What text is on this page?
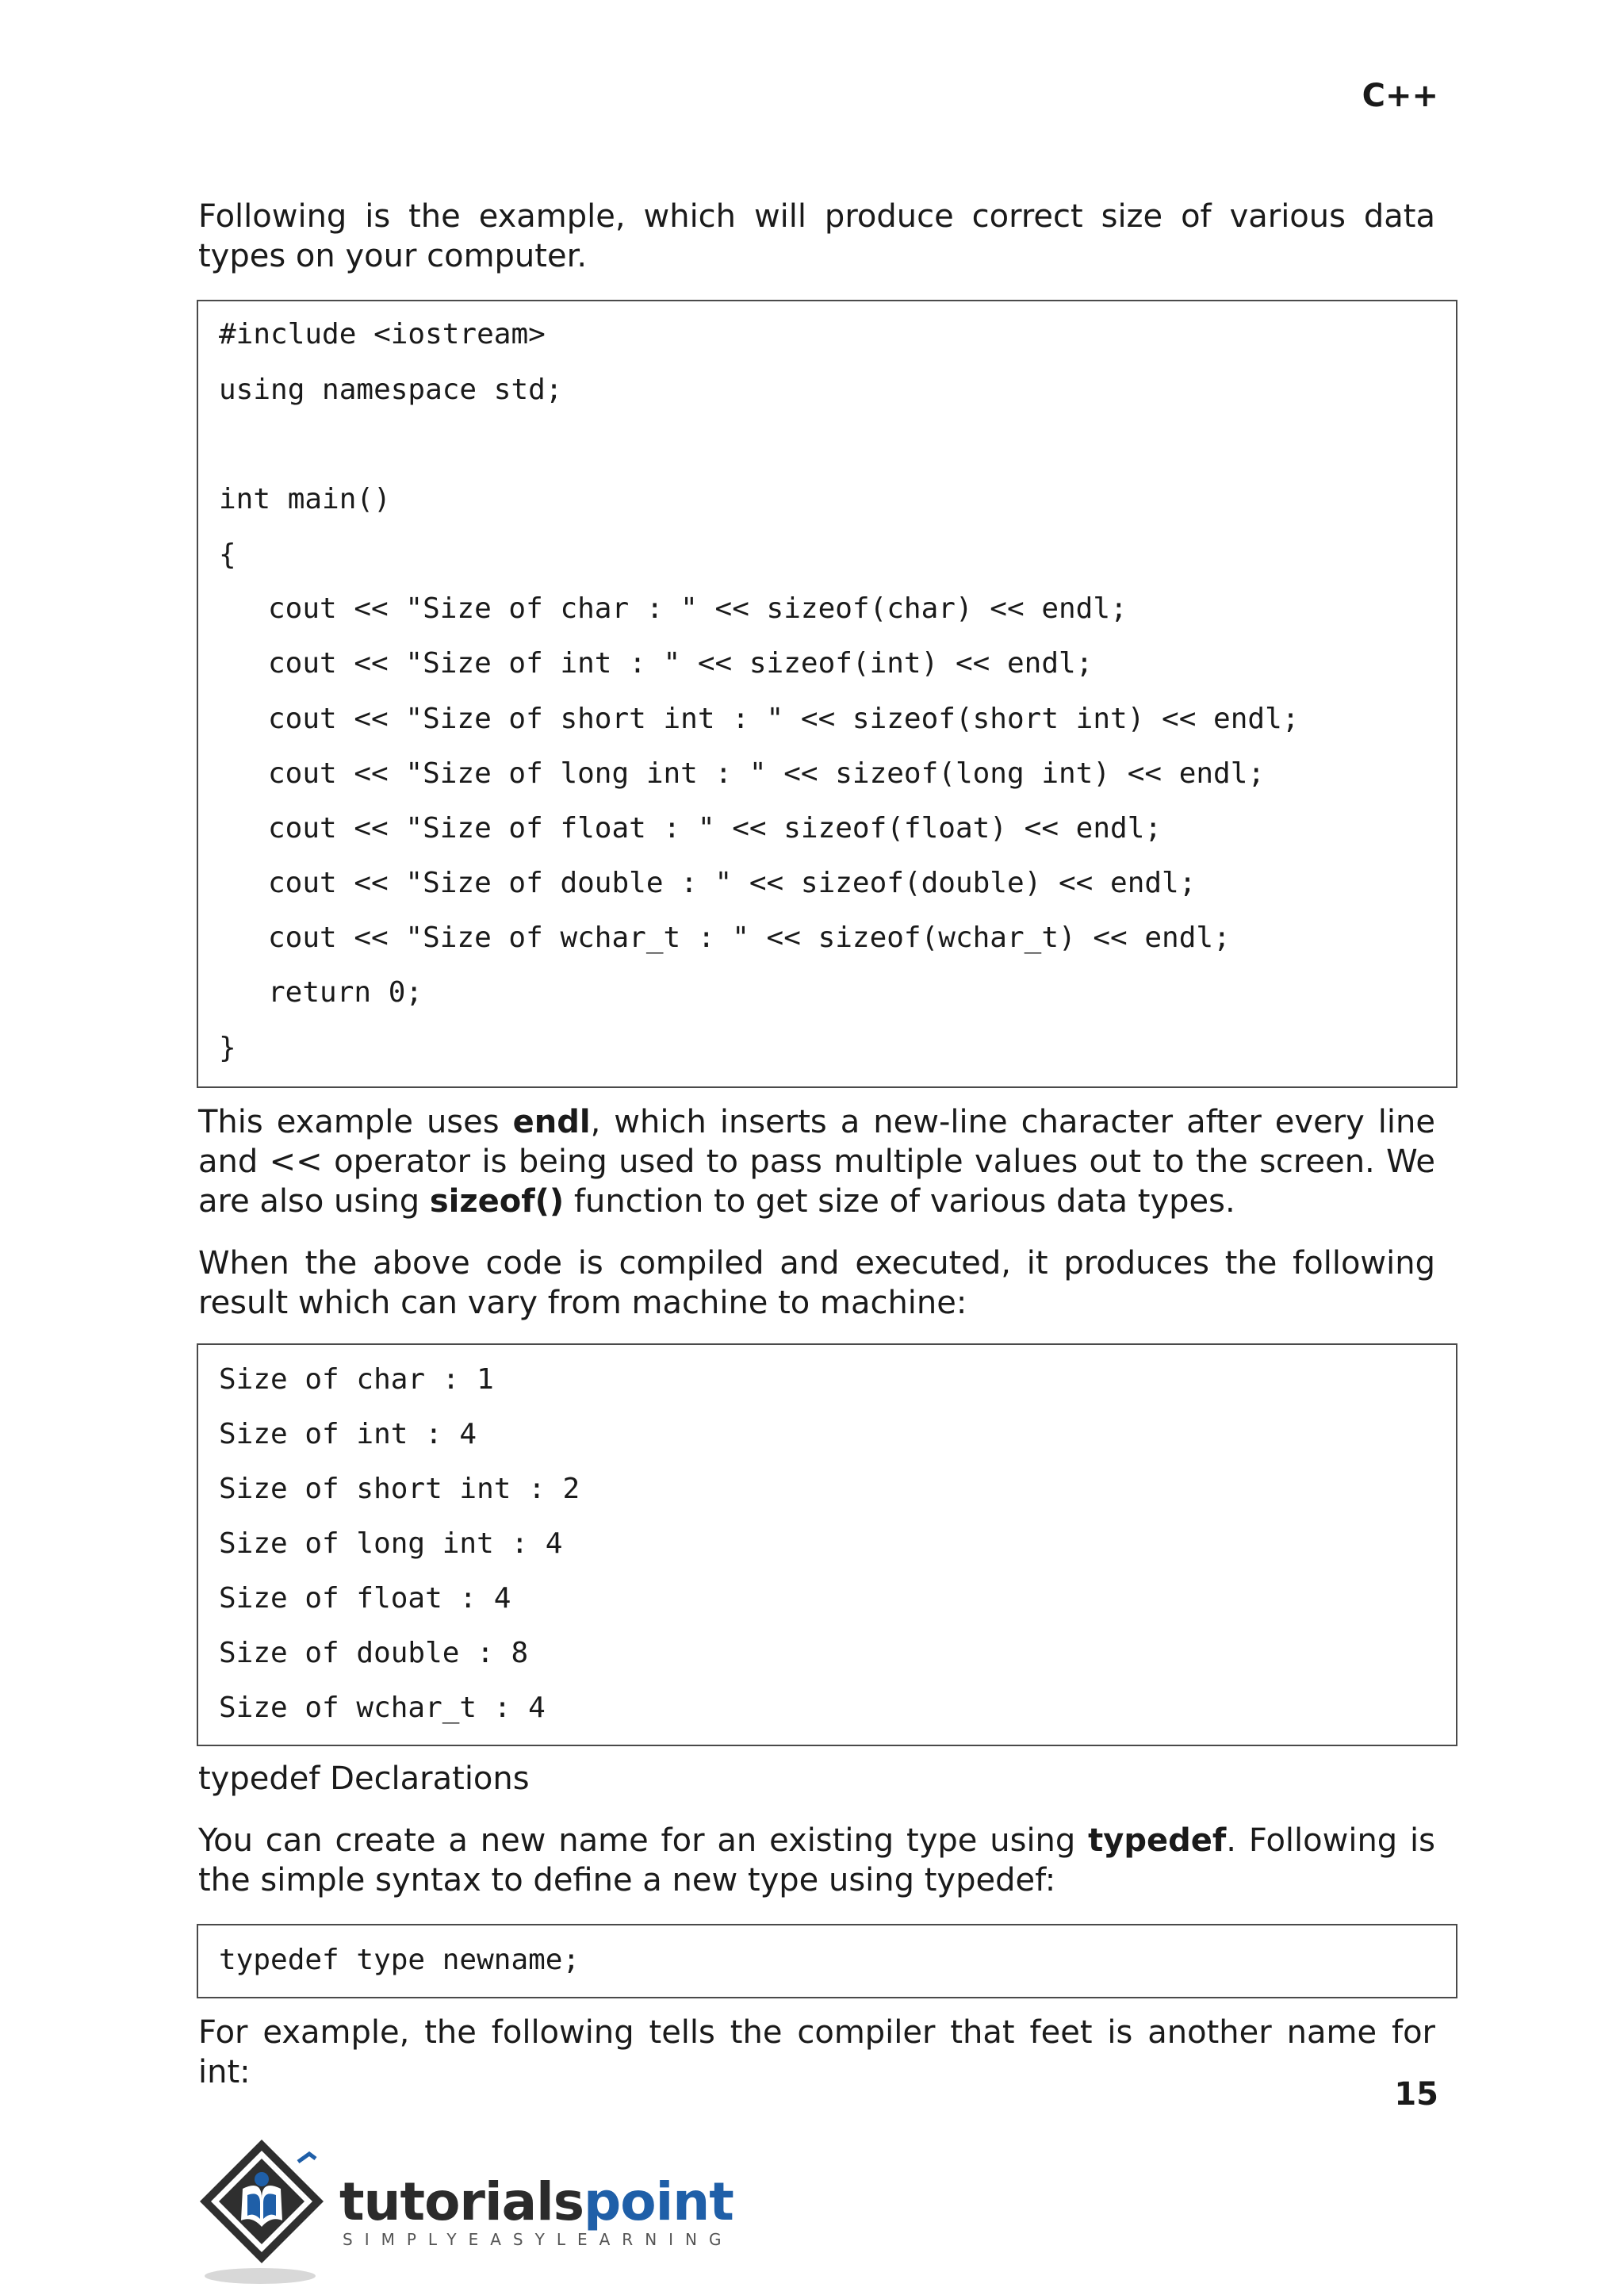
C++

Following is the example, which will produce correct size of various data types on your computer.

#include <iostream>
using namespace std;
int main()
{
cout << "Size of char : " << sizeof(char) << endl;
cout << "Size of int : " << sizeof(int) << endl;
cout << "Size of short int : " << sizeof(short int) << endl;
cout << "Size of long int : " << sizeof(long int) << endl;
cout << "Size of float : " << sizeof(float) << endl;
cout << "Size of double : " << sizeof(double) << endl;
cout << "Size of wchar_t : " << sizeof(wchar_t) << endl;
return 0;
}

This example uses endl, which inserts a new-line character after every line and << operator is being used to pass multiple values out to the screen. We are also using sizeof() function to get size of various data types.

When the above code is compiled and executed, it produces the following result which can vary from machine to machine:

Size of char : 1
Size of int : 4
Size of short int : 2
Size of long int : 4
Size of float : 4
Size of double : 8
Size of wchar_t : 4

typedef Declarations

You can create a new name for an existing type using typedef. Following is the simple syntax to define a new type using typedef:

typedef type newname;

For example, the following tells the compiler that feet is another name for int:

15
tutorialspoint
SIMPLYEASYLEARNING
